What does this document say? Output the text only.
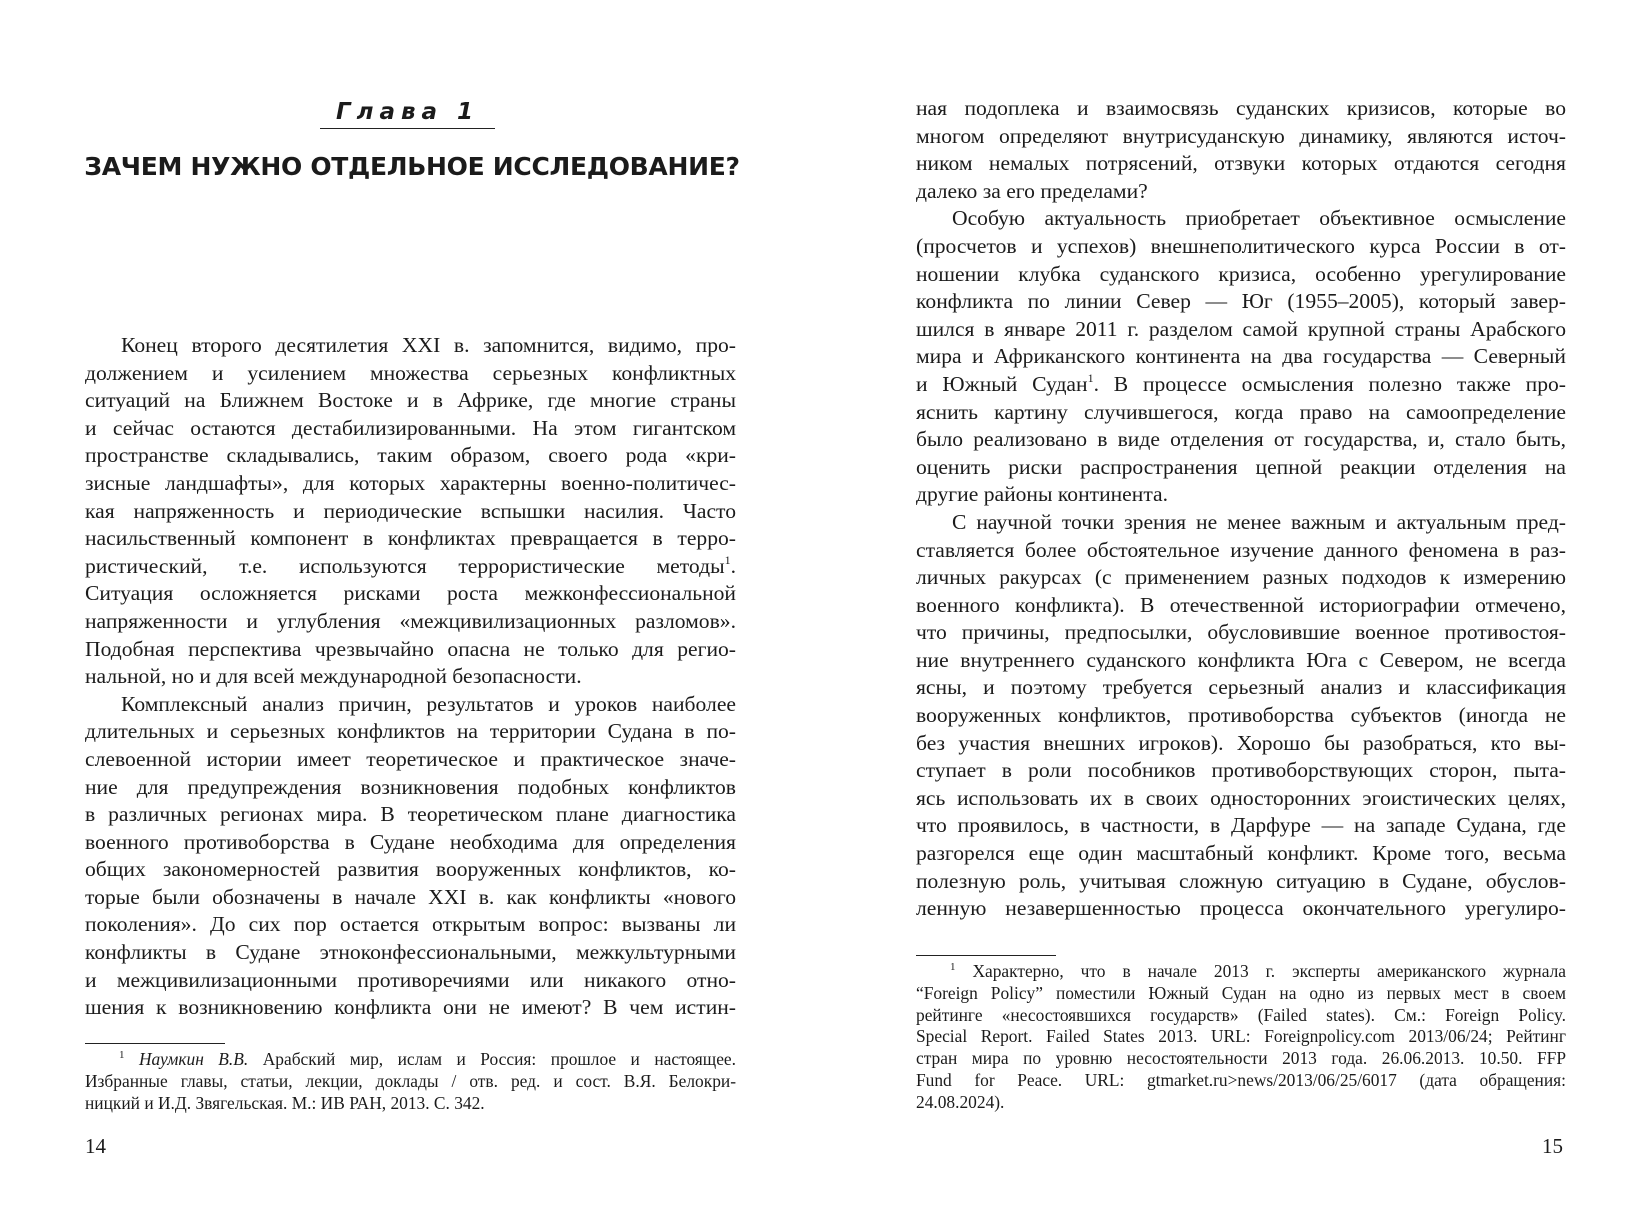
Глава 1
ЗАЧЕМ НУЖНО ОТДЕЛЬНОЕ ИССЛЕДОВАНИЕ?
Конец второго десятилетия XXI в. запомнится, видимо, про-
должением и усилением множества серьезных конфликтных
ситуаций на Ближнем Востоке и в Африке, где многие страны
и сейчас остаются дестабилизированными. На этом гигантском
пространстве складывались, таким образом, своего рода «кри-
зисные ландшафты», для которых характерны военно-политичес-
кая напряженность и периодические вспышки насилия. Часто
насильственный компонент в конфликтах превращается в терро-
ристический, т.е. используются террористические методы$^1$.
Ситуация осложняется рисками роста межконфессиональной
напряженности и углубления «межцивилизационных разломов».
Подобная перспектива чрезвычайно опасна не только для регио-
нальной, но и для всей международной безопасности.
Комплексный анализ причин, результатов и уроков наиболее
длительных и серьезных конфликтов на территории Судана в по-
слевоенной истории имеет теоретическое и практическое значе-
ние для предупреждения возникновения подобных конфликтов
в различных регионах мира. В теоретическом плане диагностика
военного противоборства в Судане необходима для определения
общих закономерностей развития вооруженных конфликтов, ко-
торые были обозначены в начале XXI в. как конфликты «нового
поколения». До сих пор остается открытым вопрос: вызваны ли
конфликты в Судане этноконфессиональными, межкультурными
и межцивилизационными противоречиями или никакого отно-
шения к возникновению конфликта они не имеют? В чем истин-
$^1$ Наумкин В.В. Арабский мир, ислам и Россия: прошлое и настоящее.
Избранные главы, статьи, лекции, доклады / отв. ред. и сост. В.Я. Белокри-
ницкий и И.Д. Звягельская. М.: ИВ РАН, 2013. С. 342.
14
ная подоплека и взаимосвязь суданских кризисов, которые во
многом определяют внутрисуданскую динамику, являются источ-
ником немалых потрясений, отзвуки которых отдаются сегодня
далеко за его пределами?
Особую актуальность приобретает объективное осмысление
(просчетов и успехов) внешнеполитического курса России в от-
ношении клубка суданского кризиса, особенно урегулирование
конфликта по линии Север — Юг (1955–2005), который завер-
шился в январе 2011 г. разделом самой крупной страны Арабского
мира и Африканского континента на два государства — Северный
и Южный Судан$^1$. В процессе осмысления полезно также про-
яснить картину случившегося, когда право на самоопределение
было реализовано в виде отделения от государства, и, стало быть,
оценить риски распространения цепной реакции отделения на
другие районы континента.
С научной точки зрения не менее важным и актуальным пред-
ставляется более обстоятельное изучение данного феномена в раз-
личных ракурсах (с применением разных подходов к измерению
военного конфликта). В отечественной историографии отмечено,
что причины, предпосылки, обусловившие военное противостоя-
ние внутреннего суданского конфликта Юга с Севером, не всегда
ясны, и поэтому требуется серьезный анализ и классификация
вооруженных конфликтов, противоборства субъектов (иногда не
без участия внешних игроков). Хорошо бы разобраться, кто вы-
ступает в роли пособников противоборствующих сторон, пыта-
ясь использовать их в своих односторонних эгоистических целях,
что проявилось, в частности, в Дарфуре — на западе Судана, где
разгорелся еще один масштабный конфликт. Кроме того, весьма
полезную роль, учитывая сложную ситуацию в Судане, обуслов-
ленную незавершенностью процесса окончательного урегулиро-
$^1$ Характерно, что в начале 2013 г. эксперты американского журнала
“Foreign Policy” поместили Южный Судан на одно из первых мест в своем
рейтинге «несостоявшихся государств» (Failed states). См.: Foreign Policy.
Special Report. Failed States 2013. URL: Foreignpolicy.com 2013/06/24; Рейтинг
стран мира по уровню несостоятельности 2013 года. 26.06.2013. 10.50. FFP
Fund for Peace. URL: gtmarket.ru>news/2013/06/25/6017 (дата обращения:
24.08.2024).
15
